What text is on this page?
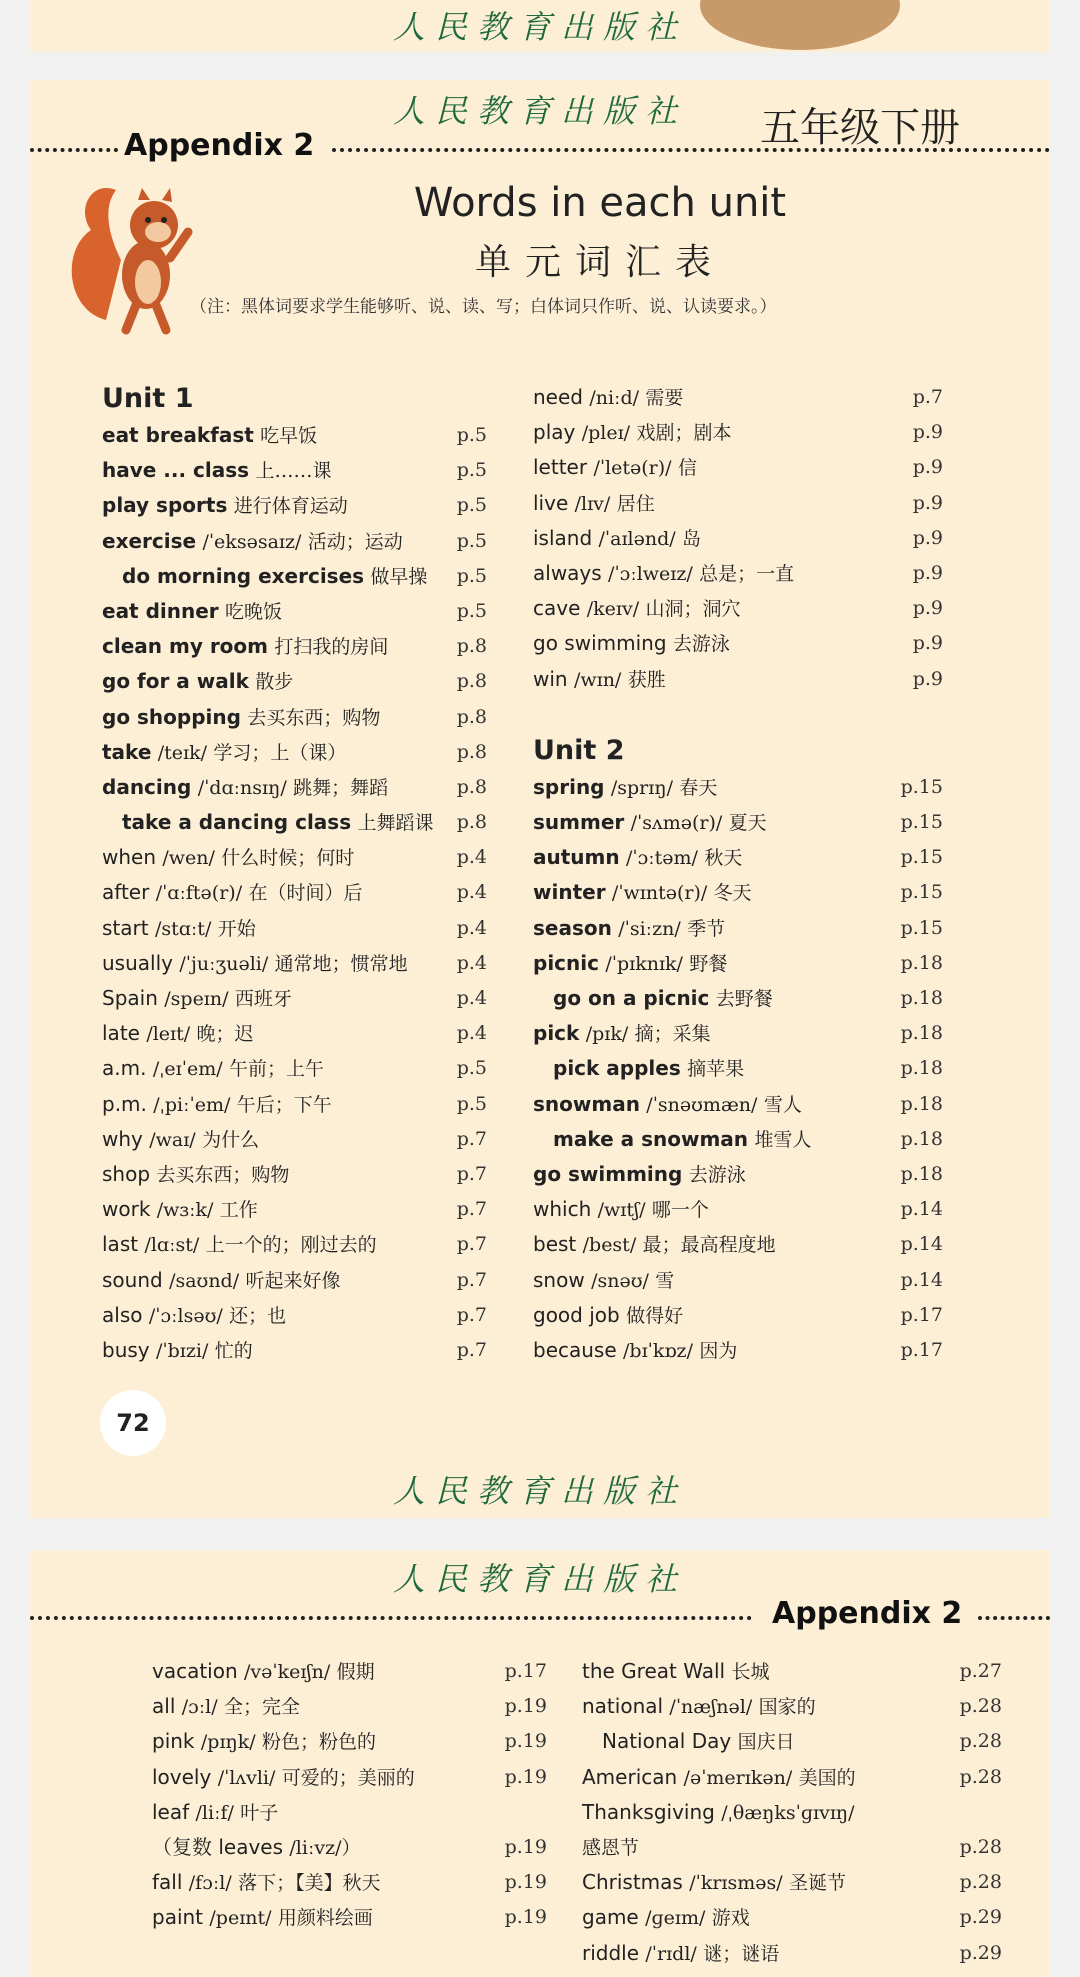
人民教育出版社
人民教育出版社 五年级下册
Appendix 2
Words in each unit
单元词汇表
（注：黑体词要求学生能够听、说、读、写；白体词只作听、说、认读要求。）
Unit 1
eat breakfast 吃早饭	p.5
have ... class 上……课	p.5
play sports 进行体育运动	p.5
exercise /ˈeksəsaɪz/ 活动；运动	p.5
do morning exercises 做早操 p.5
eat dinner 吃晚饭	p.5
clean my room 打扫我的房间	p.8
go for a walk 散步	p.8
go shopping 去买东西；购物	p.8
take /teɪk/ 学习；上（课）	p.8
dancing /ˈdɑːnsɪŋ/ 跳舞；舞蹈	p.8
take a dancing class 上舞蹈课 p.8
when /wen/ 什么时候；何时	p.4
after /ˈɑːftə(r)/ 在（时间）后	p.4
start /stɑːt/ 开始	p.4
usually /ˈjuːʒuəli/ 通常地；惯常地	p.4
Spain /speɪn/ 西班牙	p.4
late /leɪt/ 晚；迟	p.4
a.m. /ˌeɪˈem/ 午前；上午	p.5
p.m. /ˌpiːˈem/ 午后；下午	p.5
why /waɪ/ 为什么	p.7
shop 去买东西；购物	p.7
work /wɜːk/ 工作	p.7
last /lɑːst/ 上一个的；刚过去的	p.7
sound /saʊnd/ 听起来好像	p.7
also /ˈɔːlsəʊ/ 还；也	p.7
busy /ˈbɪzi/ 忙的	p.7
need /niːd/ 需要	p.7
play /pleɪ/ 戏剧；剧本	p.9
letter /ˈletə(r)/ 信	p.9
live /lɪv/ 居住	p.9
island /ˈaɪlənd/ 岛	p.9
always /ˈɔːlweɪz/ 总是；一直	p.9
cave /keɪv/ 山洞；洞穴	p.9
go swimming 去游泳	p.9
win /wɪn/ 获胜	p.9
Unit 2
spring /sprɪŋ/ 春天	p.15
summer /ˈsʌmə(r)/ 夏天	p.15
autumn /ˈɔːtəm/ 秋天	p.15
winter /ˈwɪntə(r)/ 冬天	p.15
season /ˈsiːzn/ 季节	p.15
picnic /ˈpɪknɪk/ 野餐	p.18
go on a picnic 去野餐	p.18
pick /pɪk/ 摘；采集	p.18
pick apples 摘苹果	p.18
snowman /ˈsnəʊmæn/ 雪人	p.18
make a snowman 堆雪人	p.18
go swimming 去游泳	p.18
which /wɪtʃ/ 哪一个	p.14
best /best/ 最；最高程度地	p.14
snow /snəʊ/ 雪	p.14
good job 做得好	p.17
because /bɪˈkɒz/ 因为	p.17
72
人民教育出版社
人民教育出版社
Appendix 2
vacation /vəˈkeɪʃn/ 假期	p.17
all /ɔːl/ 全；完全	p.19
pink /pɪŋk/ 粉色；粉色的	p.19
lovely /ˈlʌvli/ 可爱的；美丽的	p.19
leaf /liːf/ 叶子
（复数 leaves /liːvz/）	p.19
fall /fɔːl/ 落下；【美】秋天	p.19
paint /peɪnt/ 用颜料绘画	p.19
the Great Wall 长城	p.27
national /ˈnæʃnəl/ 国家的	p.28
National Day 国庆日	p.28
American /əˈmerɪkən/ 美国的	p.28
Thanksgiving /ˌθæŋksˈɡɪvɪŋ/
感恩节	p.28
Christmas /ˈkrɪsməs/ 圣诞节	p.28
game /ɡeɪm/ 游戏	p.29
riddle /ˈrɪdl/ 谜；谜语	p.29
